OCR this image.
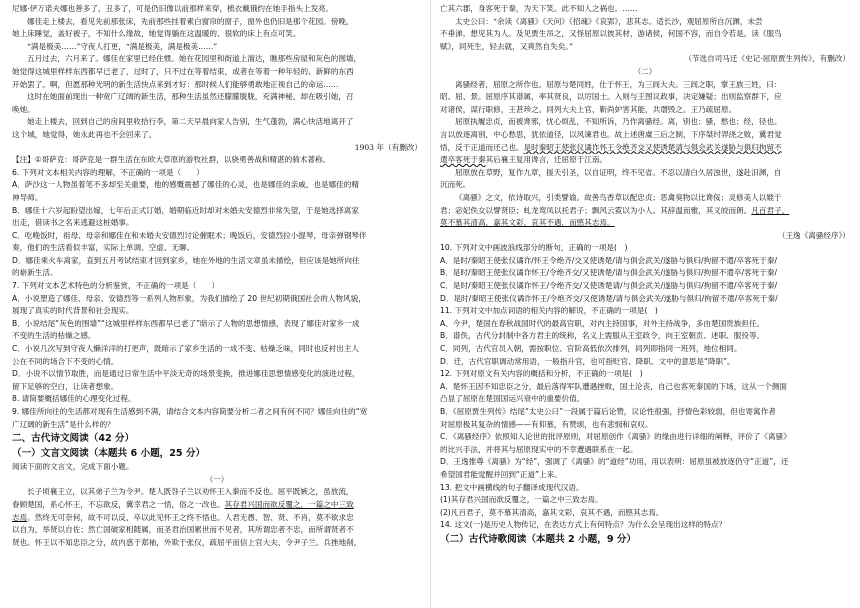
尼娜·伊万诺夫娜也善多了，丑多了，可是仍旧像以前那样来穿，梳衣戴俄约在她手指头上发亮。
娜佳走上楼去，看见先前那张床，先前那些挂着素白窗帘的窗子，窗外也仍旧是那个花园。傍晚，
她上床睡觉，盖好被子，不知什么缘故，她觉得躺在这温暖的、很软的床上有点可笑。
“满是极美……”守夜人打更，“满是极美，满是极美……”
五月过去，六月来了。娜佳在家里已经住惯。她在花园里和街道上溜达，瞧那些房屋和灰色的围墙，
她觉得这城里样样东西都早已老了，过时了，只不过在等着结束，或者在等着一种年轻的、新鲜的东西
开始罢了。啊，但愿那种光明的新生活快点来到才好：那时候人们能够勇敢地正视自己的命运……
这时在她面前现出一种宽广辽阔的新生活，那种生活虽然还朦朦胧胧，充满神秘，却在吸引她，召
唤她。
她走上楼去，回到自己的房间里收拾行李，第二天早晨向家人告别，生气蓬勃，满心快活地离开了
这个城，她觉得，她永此再也不会回来了。
1903 年（有删改）
【注】①哥萨克：哥萨克是一群生活在东欧大草原的游牧社群，以骁勇善战和精湛的骑术著称。
6. 下列对文本相关内容的理解，不正确的一项是（　　）
A．萨沙这一人物虽着笔不多却至关重要，他的感慨震撼了娜佳的心灵，也是娜佳的亲戚，也是娜佳的精
神导师。
B．娜佳十六岁起盼望出嫁，七年后正式订婚，婚期临近时却对未婚夫安德烈非常失望，于是她选择离家
出走，借读书之名来逃避这桩婚事。
C．吃晚饭时，祖母、母亲和娜佳在和未婚夫安德烈讨论催眠术；晚饭后，安德烈拉小提琴，母亲弹钢琴伴
奏，他们的生活看似丰富，实际上单调、空虚、无聊。
D．娜佳乘火车离家，直到五月考试结束才回到家乡，她在外地的生活文章虽未描绘，但应该是她所向往
的崭新生活。
7. 下列对文本艺术特色的分析鉴赏，不正确的一项是（　　）
A．小说塑造了娜佳、母亲、安德烈等一系列人物形象，为我们描绘了 20 世纪初期俄国社会的人物风貌，
展现了真实的时代背景和社会现实。
B．小说结尾“灰色的围墙”“这城里样样东西都早已老了”暗示了人物的思想情感，表现了娜佳对家乡一成
不变的生活的枯燥之感。
C．小说几次写到守夜人懒洋洋的打更声，既暗示了家乡生活的一成不变、枯燥乏味，同时也反衬出主人
公在不同的场合下不变的心情。
D．小说不以情节取胜，而是通过日常生活中平淡无奇的场景变换，推进娜佳思想情感变化的演进过程，
留下足够的空白，让读者想象。
8. 请简要概括娜佳的心理变化过程。
9. 娜佳所向往的生活都对现有生活感到不满，请结合文本内容简要分析二者之间有何不同？娜佳向往的“宽
广辽阔的新生活”是什么样的？
二、古代诗文阅读（42 分）
（一）文言文阅读（本题共 6 小题，25 分）
阅读下面的文言文，完成下面小题。
（一）
长子顷襄王立，以其弟子兰为令尹。楚人既咎子兰以劝怀王入秦而不反也。屈平既嫉之，虽放流，
眷顾楚国，系心怀王，不忘欲反，冀幸君之一悟，俗之一改也。其存君兴国而欲反覆之，一篇之中三致
志焉。然终无可奈何，故不可以反，卒以此见怀王之终不悟也。人君无愚、智、贤、不肖，莫不欲求忠
以自为，举贤以自佐；然亡国破家相随属，而圣君治国累世而不见者，其所谓忠者不忠，而所谓贤者不
贤也。怀王以不知忠臣之分，故内惑于郑袖，外欺于张仪，疏屈平而信上官大夫、令尹子兰。兵挫地削，
亡其六郡，身客死于秦，为天下笑。此不知人之祸也。……
太史公曰：“余读《离骚》《天问》《招魂》《哀郢》，悲其志。适长沙，观屈原所自沉渊，未尝
不垂涕，想见其为人。及见贾生吊之，又怪屈原以彼其材，游诸侯，何国不容，而自令若是。读《服鸟
赋》，同死生，轻去就，又爽然自失矣。”
（节选自司马迁《史记·屈原贾生列传》，有删改）
（二）
离骚经者，屈原之所作也。屈原与楚同姓，仕于怀王，为三闾大夫。三闾之职，掌王族三姓，曰：
昭、屈、景。屈原序其谱属，率其贤良，以厉国士。入则与王图议政事，决定嫌疑；出则监察群下，应
对诸侯，谋行职修，王甚珍之。同列大夫上官、靳尚妒害其能，共谮毁之。王乃疏屈原。
屈原执履忠贞，而被谗邪，忧心烦乱，不知所诉，乃作离骚经。离，别也；骚，愁也；经，径也。
言以放逐离别，中心愁思，犹依道径，以风谏君也。故上述唐虞三后之制，下序桀纣羿浇之败，冀君觉
悟，反于正道而还己也。是时秦昭王使张仪谲诈怀王令绝齐交又使诱楚请与俱会武关遂胁与俱归拘留不
遣卒客死于秦其后襄王复用谗言，迁屈原于江南。
屈原放在草野，复作九章，援天引圣，以自证明，终不见省。不忍以清白久居浊世，遂赴汨渊，自
沉而死。
《离骚》之文，依诗取兴，引类譬谕。故善鸟香草以配忠贞；恶禽臭物以比谗佞；灵修美人以媲于
君；宓妃佚女以譬贤臣；虬龙鸾凤以托君子；飘风云霓以为小人。其辞温而雅，其义皎而朗。凡百君子，
莫不慕其清高，嘉其文彩，哀其不遇，而愍其志焉。
（王逸《离骚经序》）
10. 下列对文中画波浪线部分的断句，正确的一项是(　)
A．是时/秦昭王使张仪谲诈/怀王令绝齐/交又使诱楚/请与俱会武关/遂胁与俱归/拘留不遣/卒客死于秦/
B．是时/秦昭王使张仪谲诈怀王/令绝齐交/又使诱楚/请与俱会武关/遂胁与俱归/拘留不遣卒/客死于秦/
C．是时/秦昭王使张仪谲诈怀王/令绝齐交/又使诱楚请/与俱会武关/遂胁与俱归/拘留不遣/卒客死于秦/
D．是时/秦昭王使张仪谲诈怀王/令绝齐交/又使诱楚/请与俱会武关/遂胁与俱归/拘留不遣/卒客死于秦/
11. 下列对文中加点词语的相关内容的解说，不正确的一项是(　)
A．今尹，楚国在春秋战国时代的最高官职，对内主持国事，对外主持战争，多由楚国贵族担任。
B．谱佚，古代分封制中各方君主的统称，名义上需服从王室政令，向王室朝贡、述职、服役等。
C．同列，古代官员入朝，需按职位、官阶高低依次排列，同列即指同一班列，地位相同。
D．迁，古代官职调动常用语，一般指升官，也可指贬官、降职。文中的意思是“降职”。
12. 下列对原文有关内容的概括和分析，不正确的一项是(　)
A．楚怀王因不知忠臣之分，最后落得军队遭遇挫败，国土沦丧，自己也客死秦国的下场，这从一个侧面
凸显了屈原在楚国国运兴衰中的重要价值。
B．《屈原贾生列传》结尾“太史公曰”一段属于篇后论赞，议论性很强，抒情色彩较弱，但也寄寓作者
对屈原极其复杂的情感——有仰慕，有赞颂，也有悲悯和哀叹。
C．《离骚经序》依照知人论世的批评原则，对屈原创作《离骚》的缘由进行详细的阐释，评价了《离骚》
的比兴手法，并将其与屈原现实中的不幸遭遇联系在一起。
D．王逸推尊《离骚》为“经”，强调了《离骚》的“道经”功用，用以表明：屈原虽被放逐仍守“正道”，还
希望国君能觉醒并回到“正道”上来。
13. 把文中画横线的句子翻译成现代汉语。
(1)其存君兴国而欲反覆之，一篇之中三致志焉。
(2)凡百君子，莫不慕其清高，嘉其文彩，哀其不遇，而愍其志焉。
14. 这文(一)是历史人物传记，在表达方式上有何特点？为什么会呈现出这样的特点？
（二）古代诗歌阅读（本题共 2 小题，9 分）
